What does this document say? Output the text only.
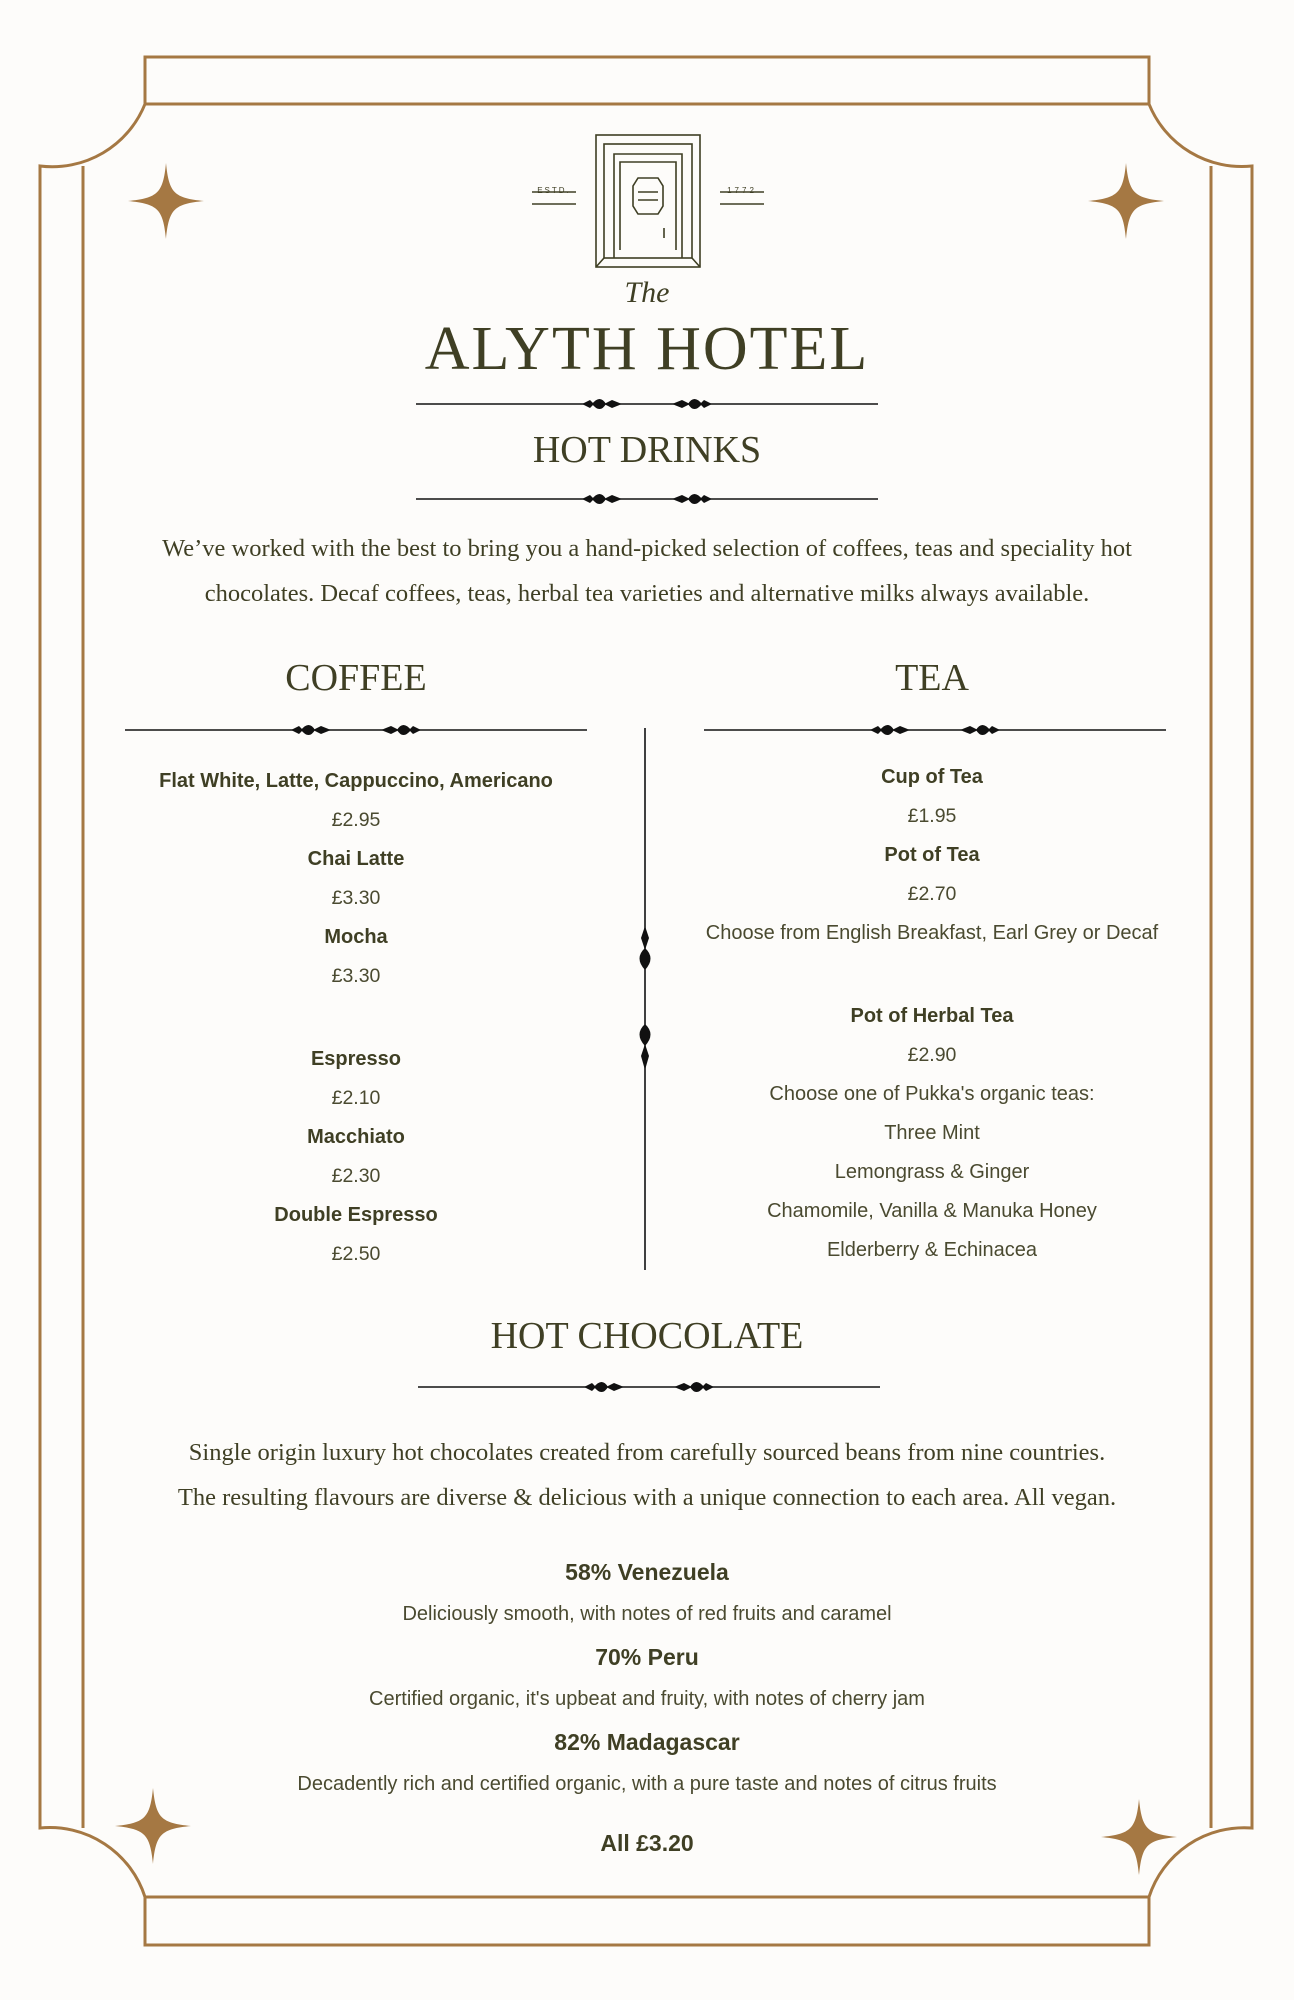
ESTD.	1772
The
ALYTH HOTEL
HOT DRINKS
We’ve worked with the best to bring you a hand-picked selection of coffees, teas and speciality hot chocolates. Decaf coffees, teas, herbal tea varieties and alternative milks always available.
COFFEE	TEA
Flat White, Latte, Cappuccino, Americano
£2.95
Chai Latte
£3.30
Mocha
£3.30
Espresso
£2.10
Macchiato
£2.30
Double Espresso
£2.50
Cup of Tea
£1.95
Pot of Tea
£2.70
Choose from English Breakfast, Earl Grey or Decaf
Pot of Herbal Tea
£2.90
Choose one of Pukka's organic teas:
Three Mint
Lemongrass & Ginger
Chamomile, Vanilla & Manuka Honey
Elderberry & Echinacea
HOT CHOCOLATE
Single origin luxury hot chocolates created from carefully sourced beans from nine countries.
The resulting flavours are diverse & delicious with a unique connection to each area. All vegan.
58% Venezuela
Deliciously smooth, with notes of red fruits and caramel
70% Peru
Certified organic, it's upbeat and fruity, with notes of cherry jam
82% Madagascar
Decadently rich and certified organic, with a pure taste and notes of citrus fruits
All £3.20
